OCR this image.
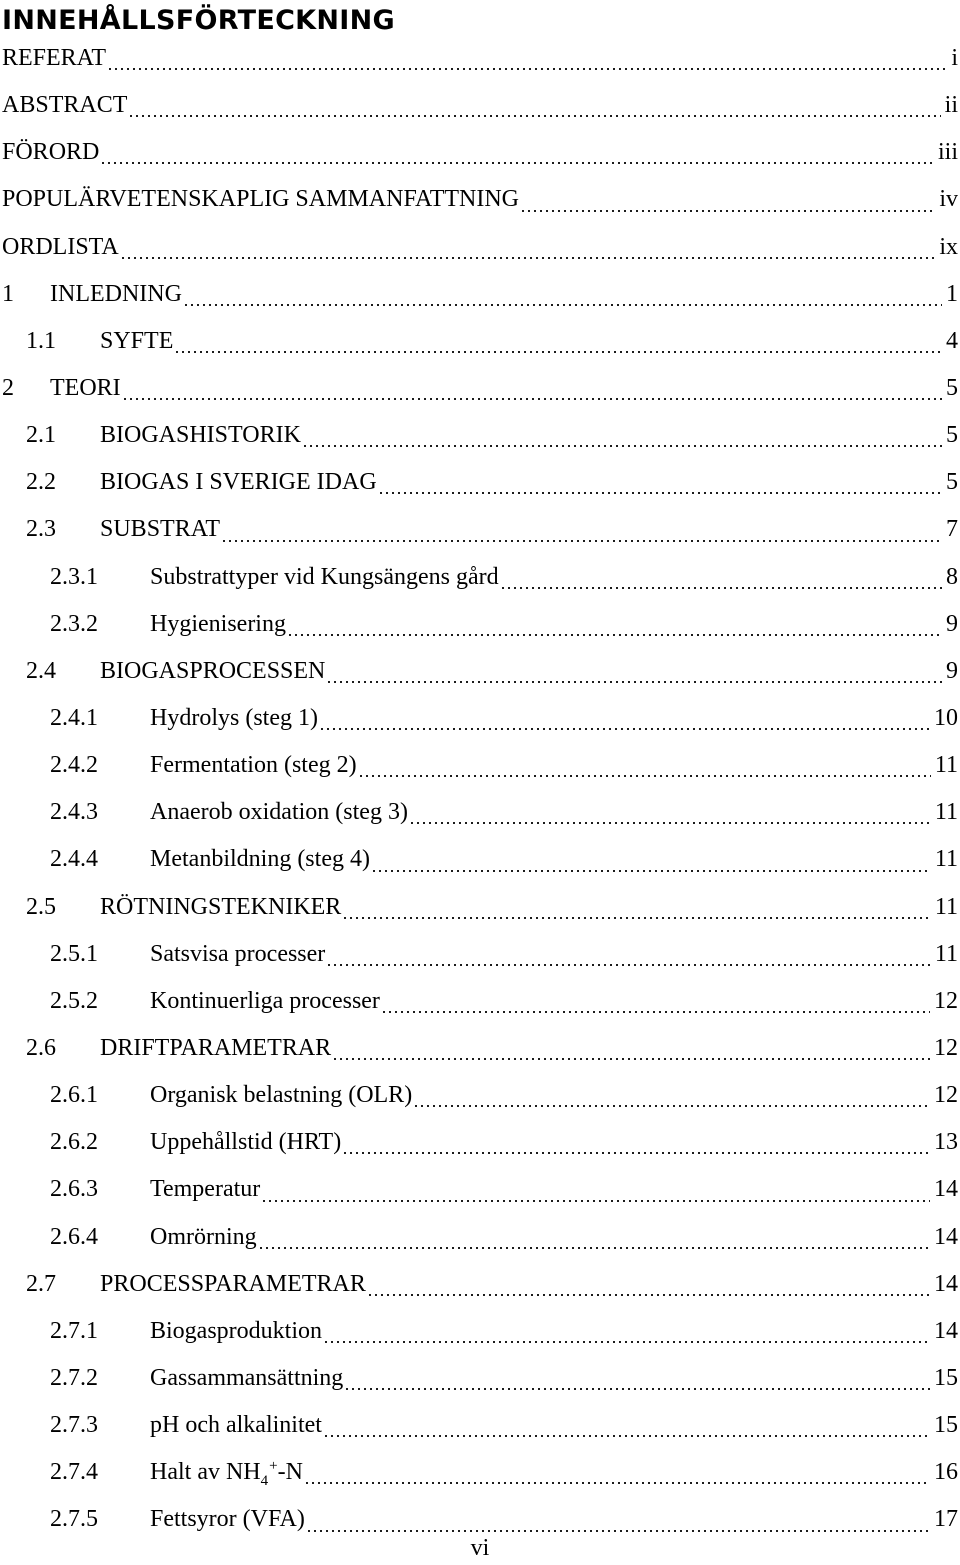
INNEHÅLLSFÖRTECKNING
REFERAT	i
ABSTRACT	ii
FÖRORD	iii
POPULÄRVETENSKAPLIG SAMMANFATTNING	iv
ORDLISTA	ix
1	INLEDNING	1
1.1	SYFTE	4
2	TEORI	5
2.1	BIOGASHISTORIK	5
2.2	BIOGAS I SVERIGE IDAG	5
2.3	SUBSTRAT	7
2.3.1	Substrattyper vid Kungsängens gård	8
2.3.2	Hygienisering	9
2.4	BIOGASPROCESSEN	9
2.4.1	Hydrolys (steg 1)	10
2.4.2	Fermentation (steg 2)	11
2.4.3	Anaerob oxidation (steg 3)	11
2.4.4	Metanbildning (steg 4)	11
2.5	RÖTNINGSTEKNIKER	11
2.5.1	Satsvisa processer	11
2.5.2	Kontinuerliga processer	12
2.6	DRIFTPARAMETRAR	12
2.6.1	Organisk belastning (OLR)	12
2.6.2	Uppehållstid (HRT)	13
2.6.3	Temperatur	14
2.6.4	Omrörning	14
2.7	PROCESSPARAMETRAR	14
2.7.1	Biogasproduktion	14
2.7.2	Gassammansättning	15
2.7.3	pH och alkalinitet	15
2.7.4	Halt av $NH_4^+-N$	16
2.7.5	Fettsyror (VFA)	17
vi
